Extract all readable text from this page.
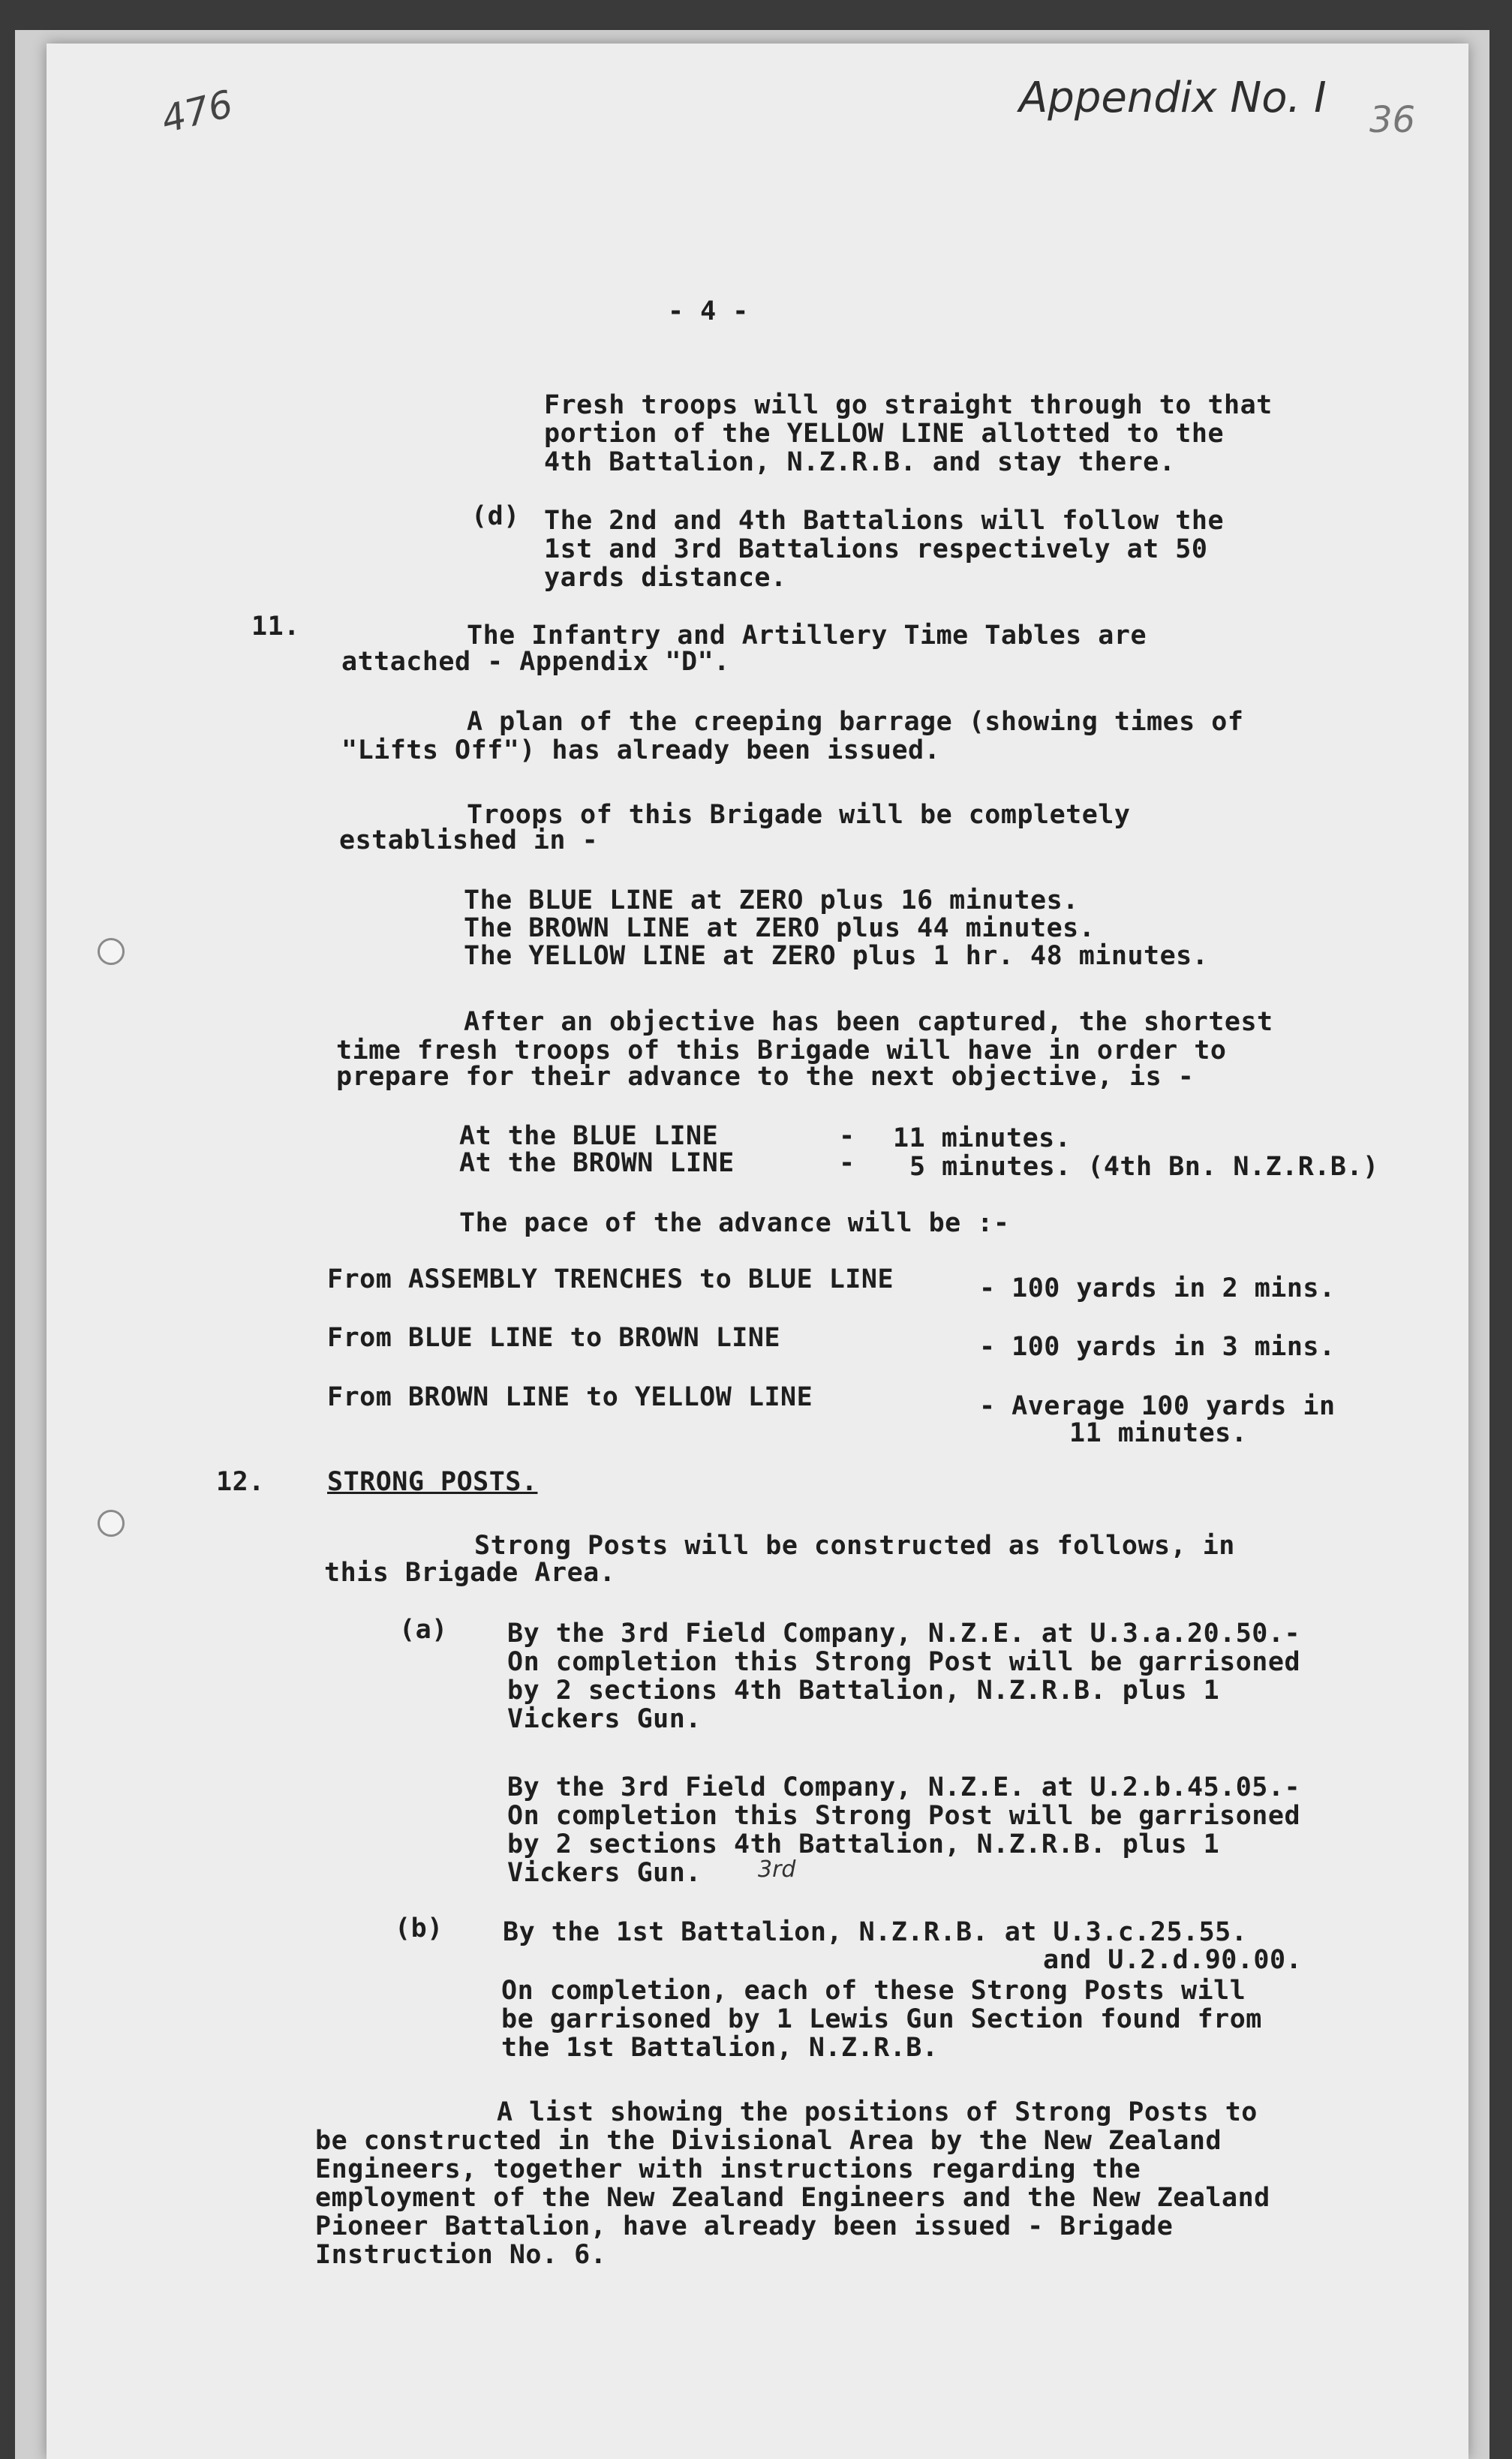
476	Appendix No. I 36
- 4 -
Fresh troops will go straight through to that
portion of the YELLOW LINE allotted to the
4th Battalion, N.Z.R.B. and stay there.
(d) The 2nd and 4th Battalions will follow the
1st and 3rd Battalions respectively at 50
yards distance.
11.	The Infantry and Artillery Time Tables are
attached - Appendix "D".
A plan of the creeping barrage (showing times of
"Lifts Off") has already been issued.
Troops of this Brigade will be completely
established in -
The BLUE LINE at ZERO plus 16 minutes.
The BROWN LINE at ZERO plus 44 minutes.
The YELLOW LINE at ZERO plus 1 hr. 48 minutes.
After an objective has been captured, the shortest
time fresh troops of this Brigade will have in order to
prepare for their advance to the next objective, is -
At the BLUE LINE	- 11 minutes.
At the BROWN LINE	- 5 minutes. (4th Bn. N.Z.R.B.)
The pace of the advance will be :-
From ASSEMBLY TRENCHES to BLUE LINE	- 100 yards in 2 mins.
From BLUE LINE to BROWN LINE	- 100 yards in 3 mins.
From BROWN LINE to YELLOW LINE	- Average 100 yards in
11 minutes.
12. STRONG POSTS.
Strong Posts will be constructed as follows, in
this Brigade Area.
(a) By the 3rd Field Company, N.Z.E. at U.3.a.20.50.-
On completion this Strong Post will be garrisoned
by 2 sections 4th Battalion, N.Z.R.B. plus 1
Vickers Gun.
By the 3rd Field Company, N.Z.E. at U.2.b.45.05.-
On completion this Strong Post will be garrisoned
by 2 sections 4th Battalion, N.Z.R.B. plus 1
Vickers Gun.	3rd
(b) By the 1st Battalion, N.Z.R.B. at U.3.c.25.55.
and U.2.d.90.00.
On completion, each of these Strong Posts will
be garrisoned by 1 Lewis Gun Section found from
the 1st Battalion, N.Z.R.B.
A list showing the positions of Strong Posts to
be constructed in the Divisional Area by the New Zealand
Engineers, together with instructions regarding the
employment of the New Zealand Engineers and the New Zealand
Pioneer Battalion, have already been issued - Brigade
Instruction No. 6.
